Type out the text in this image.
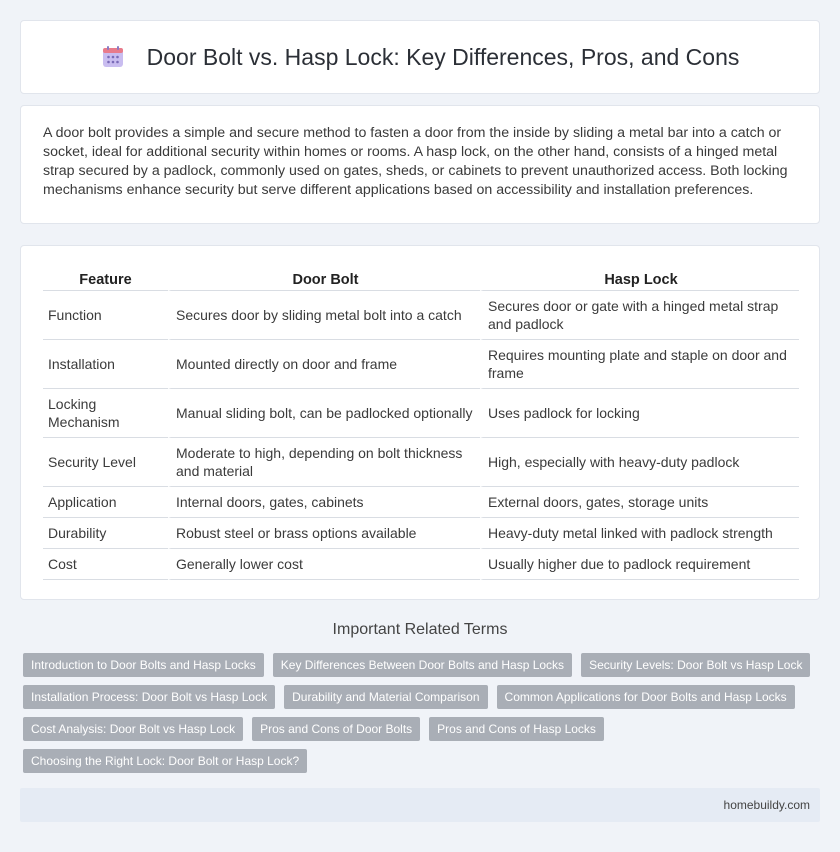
Door Bolt vs. Hasp Lock: Key Differences, Pros, and Cons

A door bolt provides a simple and secure method to fasten a door from the inside by sliding a metal bar into a catch or socket, ideal for additional security within homes or rooms. A hasp lock, on the other hand, consists of a hinged metal strap secured by a padlock, commonly used on gates, sheds, or cabinets to prevent unauthorized access. Both locking mechanisms enhance security but serve different applications based on accessibility and installation preferences.

Feature	Door Bolt	Hasp Lock
Function	Secures door by sliding metal bolt into a catch	Secures door or gate with a hinged metal strap and padlock
Installation	Mounted directly on door and frame	Requires mounting plate and staple on door and frame
Locking Mechanism	Manual sliding bolt, can be padlocked optionally	Uses padlock for locking
Security Level	Moderate to high, depending on bolt thickness and material	High, especially with heavy-duty padlock
Application	Internal doors, gates, cabinets	External doors, gates, storage units
Durability	Robust steel or brass options available	Heavy-duty metal linked with padlock strength
Cost	Generally lower cost	Usually higher due to padlock requirement
Important Related Terms
Introduction to Door Bolts and Hasp Locks	Key Differences Between Door Bolts and Hasp Locks	Security Levels: Door Bolt vs Hasp Lock
Installation Process: Door Bolt vs Hasp Lock	Durability and Material Comparison	Common Applications for Door Bolts and Hasp Locks
Cost Analysis: Door Bolt vs Hasp Lock	Pros and Cons of Door Bolts	Pros and Cons of Hasp Locks
Choosing the Right Lock: Door Bolt or Hasp Lock?
homebuildy.com
